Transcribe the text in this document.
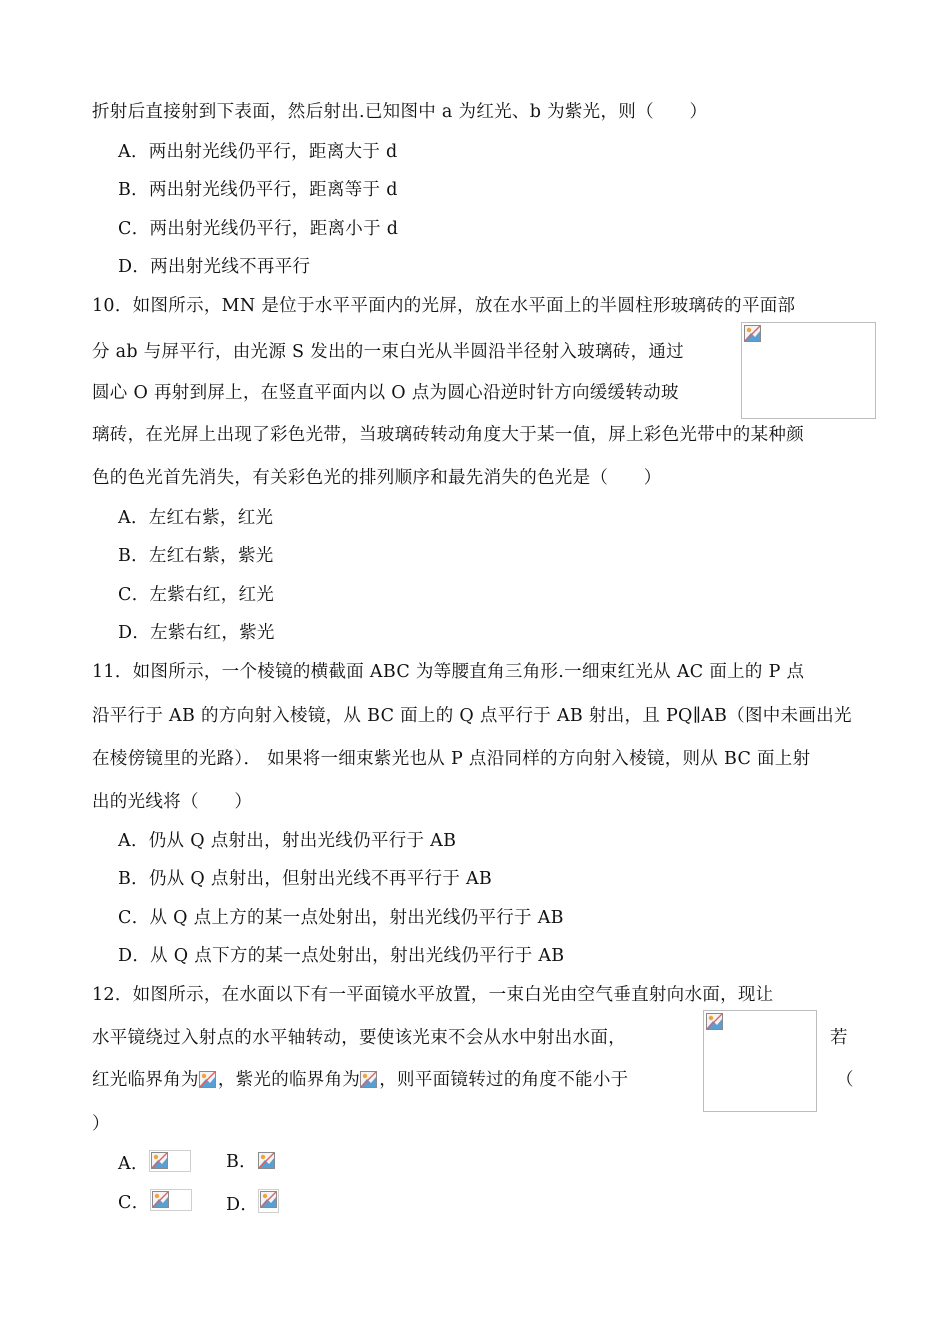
折射后直接射到下表面，然后射出.已知图中 a 为红光、b 为紫光，则（　　）
A．两出射光线仍平行，距离大于 d
B．两出射光线仍平行，距离等于 d
C．两出射光线仍平行，距离小于 d
D．两出射光线不再平行
10．如图所示，MN 是位于水平平面内的光屏，放在水平面上的半圆柱形玻璃砖的平面部
分 ab 与屏平行，由光源 S 发出的一束白光从半圆沿半径射入玻璃砖，通过
圆心 O 再射到屏上，在竖直平面内以 O 点为圆心沿逆时针方向缓缓转动玻
璃砖，在光屏上出现了彩色光带，当玻璃砖转动角度大于某一值，屏上彩色光带中的某种颜
色的色光首先消失，有关彩色光的排列顺序和最先消失的色光是（　　）
A．左红右紫，红光
B．左红右紫，紫光
C．左紫右红，红光
D．左紫右红，紫光
11．如图所示，一个棱镜的横截面 ABC 为等腰直角三角形.一细束红光从 AC 面上的 P 点
沿平行于 AB 的方向射入棱镜，从 BC 面上的 Q 点平行于 AB 射出，且 PQ∥AB（图中未画出光
在棱傍镜里的光路）． 如果将一细束紫光也从 P 点沿同样的方向射入棱镜，则从 BC 面上射
出的光线将（　　）
A．仍从 Q 点射出，射出光线仍平行于 AB
B．仍从 Q 点射出，但射出光线不再平行于 AB
C．从 Q 点上方的某一点处射出，射出光线仍平行于 AB
D．从 Q 点下方的某一点处射出，射出光线仍平行于 AB
12．如图所示，在水面以下有一平面镜水平放置，一束白光由空气垂直射向水面，现让
水平镜绕过入射点的水平轴转动，要使该光束不会从水中射出水面，	若
红光临界角为 ，紫光的临界角为 ，则平面镜转过的角度不能小于	（
）
A．	B．
C．	D．
